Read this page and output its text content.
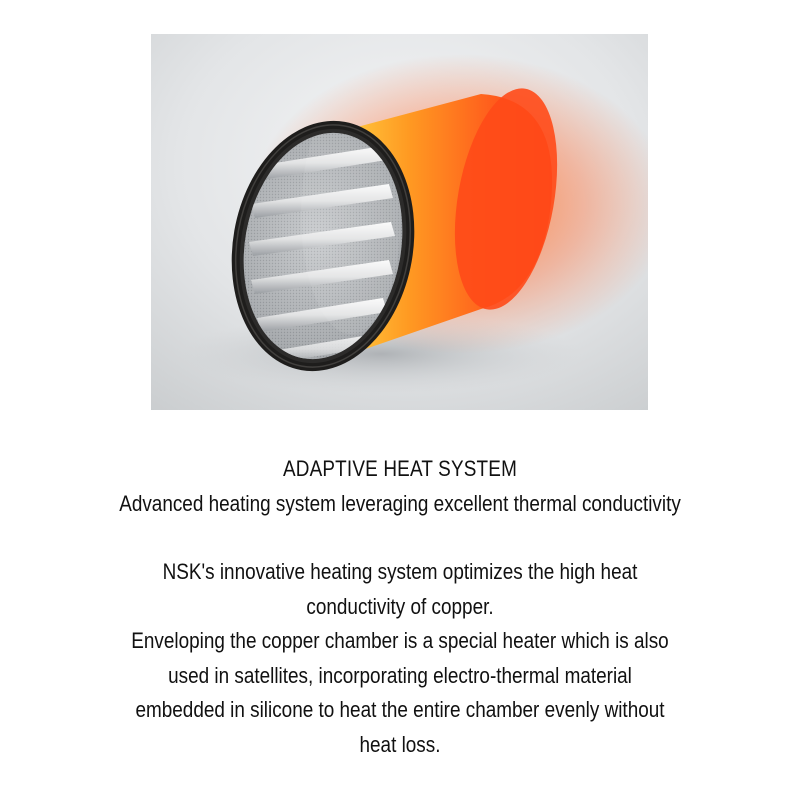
ADAPTIVE HEAT SYSTEM

Advanced heating system leveraging excellent thermal conductivity

NSK's innovative heating system optimizes the high heat

conductivity of copper.

Enveloping the copper chamber is a special heater which is also

used in satellites, incorporating electro-thermal material

embedded in silicone to heat the entire chamber evenly without

heat loss.
